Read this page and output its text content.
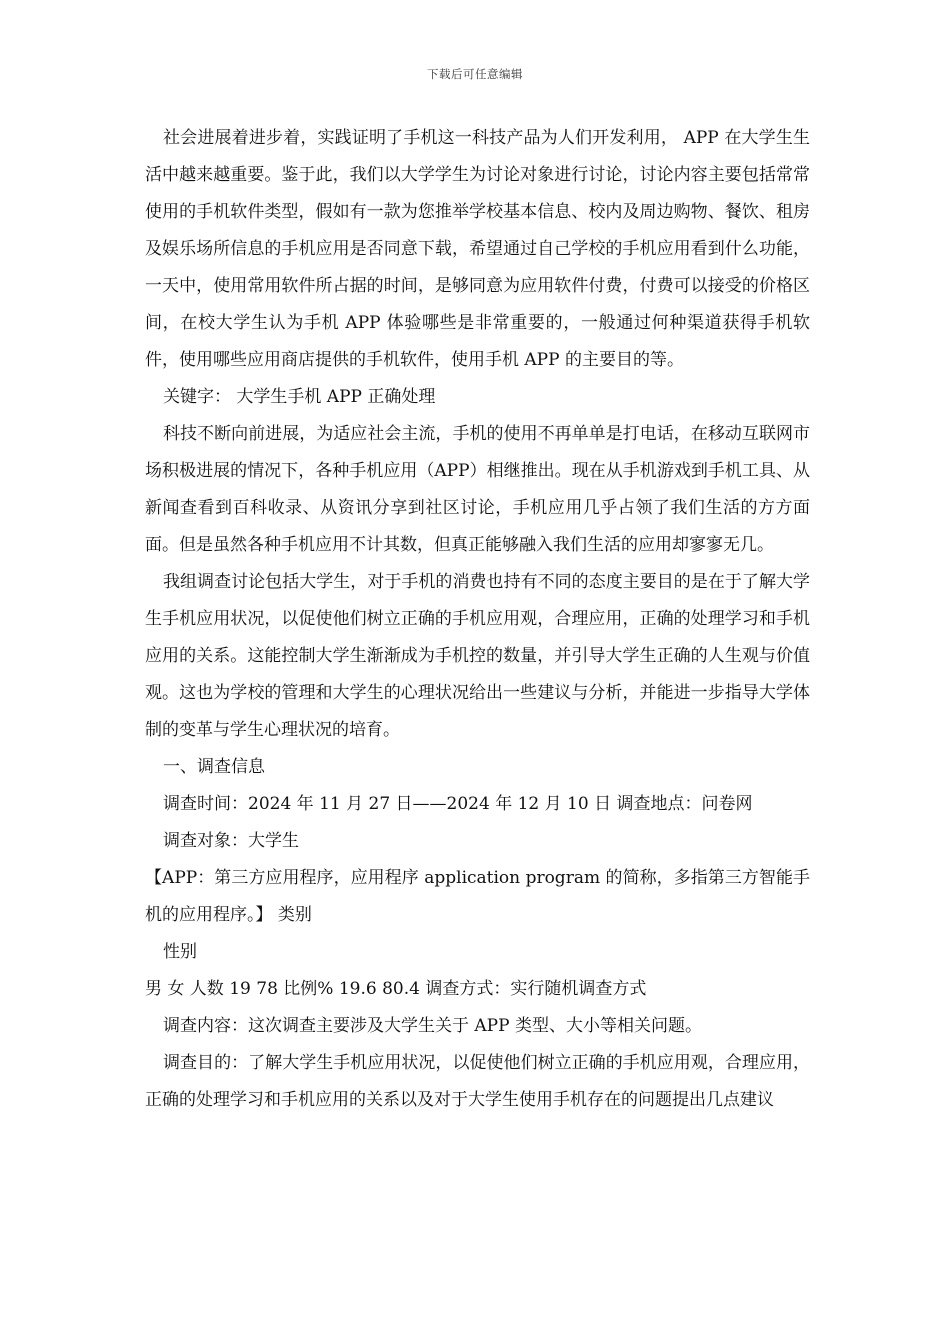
下载后可任意编辑

社会进展着进步着，实践证明了手机这一科技产品为人们开发利用， APP 在大学生生活中越来越重要。鉴于此，我们以大学学生为讨论对象进行讨论，讨论内容主要包括常常使用的手机软件类型，假如有一款为您推举学校基本信息、校内及周边购物、餐饮、租房及娱乐场所信息的手机应用是否同意下载，希望通过自己学校的手机应用看到什么功能，一天中，使用常用软件所占据的时间，是够同意为应用软件付费，付费可以接受的价格区间，在校大学生认为手机 APP 体验哪些是非常重要的，一般通过何种渠道获得手机软件，使用哪些应用商店提供的手机软件，使用手机 APP 的主要目的等。

关键字： 大学生手机 APP 正确处理

科技不断向前进展，为适应社会主流，手机的使用不再单单是打电话，在移动互联网市场积极进展的情况下，各种手机应用（APP）相继推出。现在从手机游戏到手机工具、从新闻查看到百科收录、从资讯分享到社区讨论，手机应用几乎占领了我们生活的方方面面。但是虽然各种手机应用不计其数，但真正能够融入我们生活的应用却寥寥无几。

我组调查讨论包括大学生，对于手机的消费也持有不同的态度主要目的是在于了解大学生手机应用状况，以促使他们树立正确的手机应用观，合理应用，正确的处理学习和手机应用的关系。这能控制大学生渐渐成为手机控的数量，并引导大学生正确的人生观与价值观。这也为学校的管理和大学生的心理状况给出一些建议与分析，并能进一步指导大学体制的变革与学生心理状况的培育。

一、调查信息

调查时间：2024 年 11 月 27 日——2024 年 12 月 10 日 调查地点：问卷网

调查对象：大学生

【APP：第三方应用程序，应用程序 application program 的简称，多指第三方智能手机的应用程序。】 类别

性别

男 女 人数 19 78 比例% 19.6 80.4 调查方式：实行随机调查方式

调查内容：这次调查主要涉及大学生关于 APP 类型、大小等相关问题。

调查目的：了解大学生手机应用状况，以促使他们树立正确的手机应用观，合理应用，正确的处理学习和手机应用的关系以及对于大学生使用手机存在的问题提出几点建议
